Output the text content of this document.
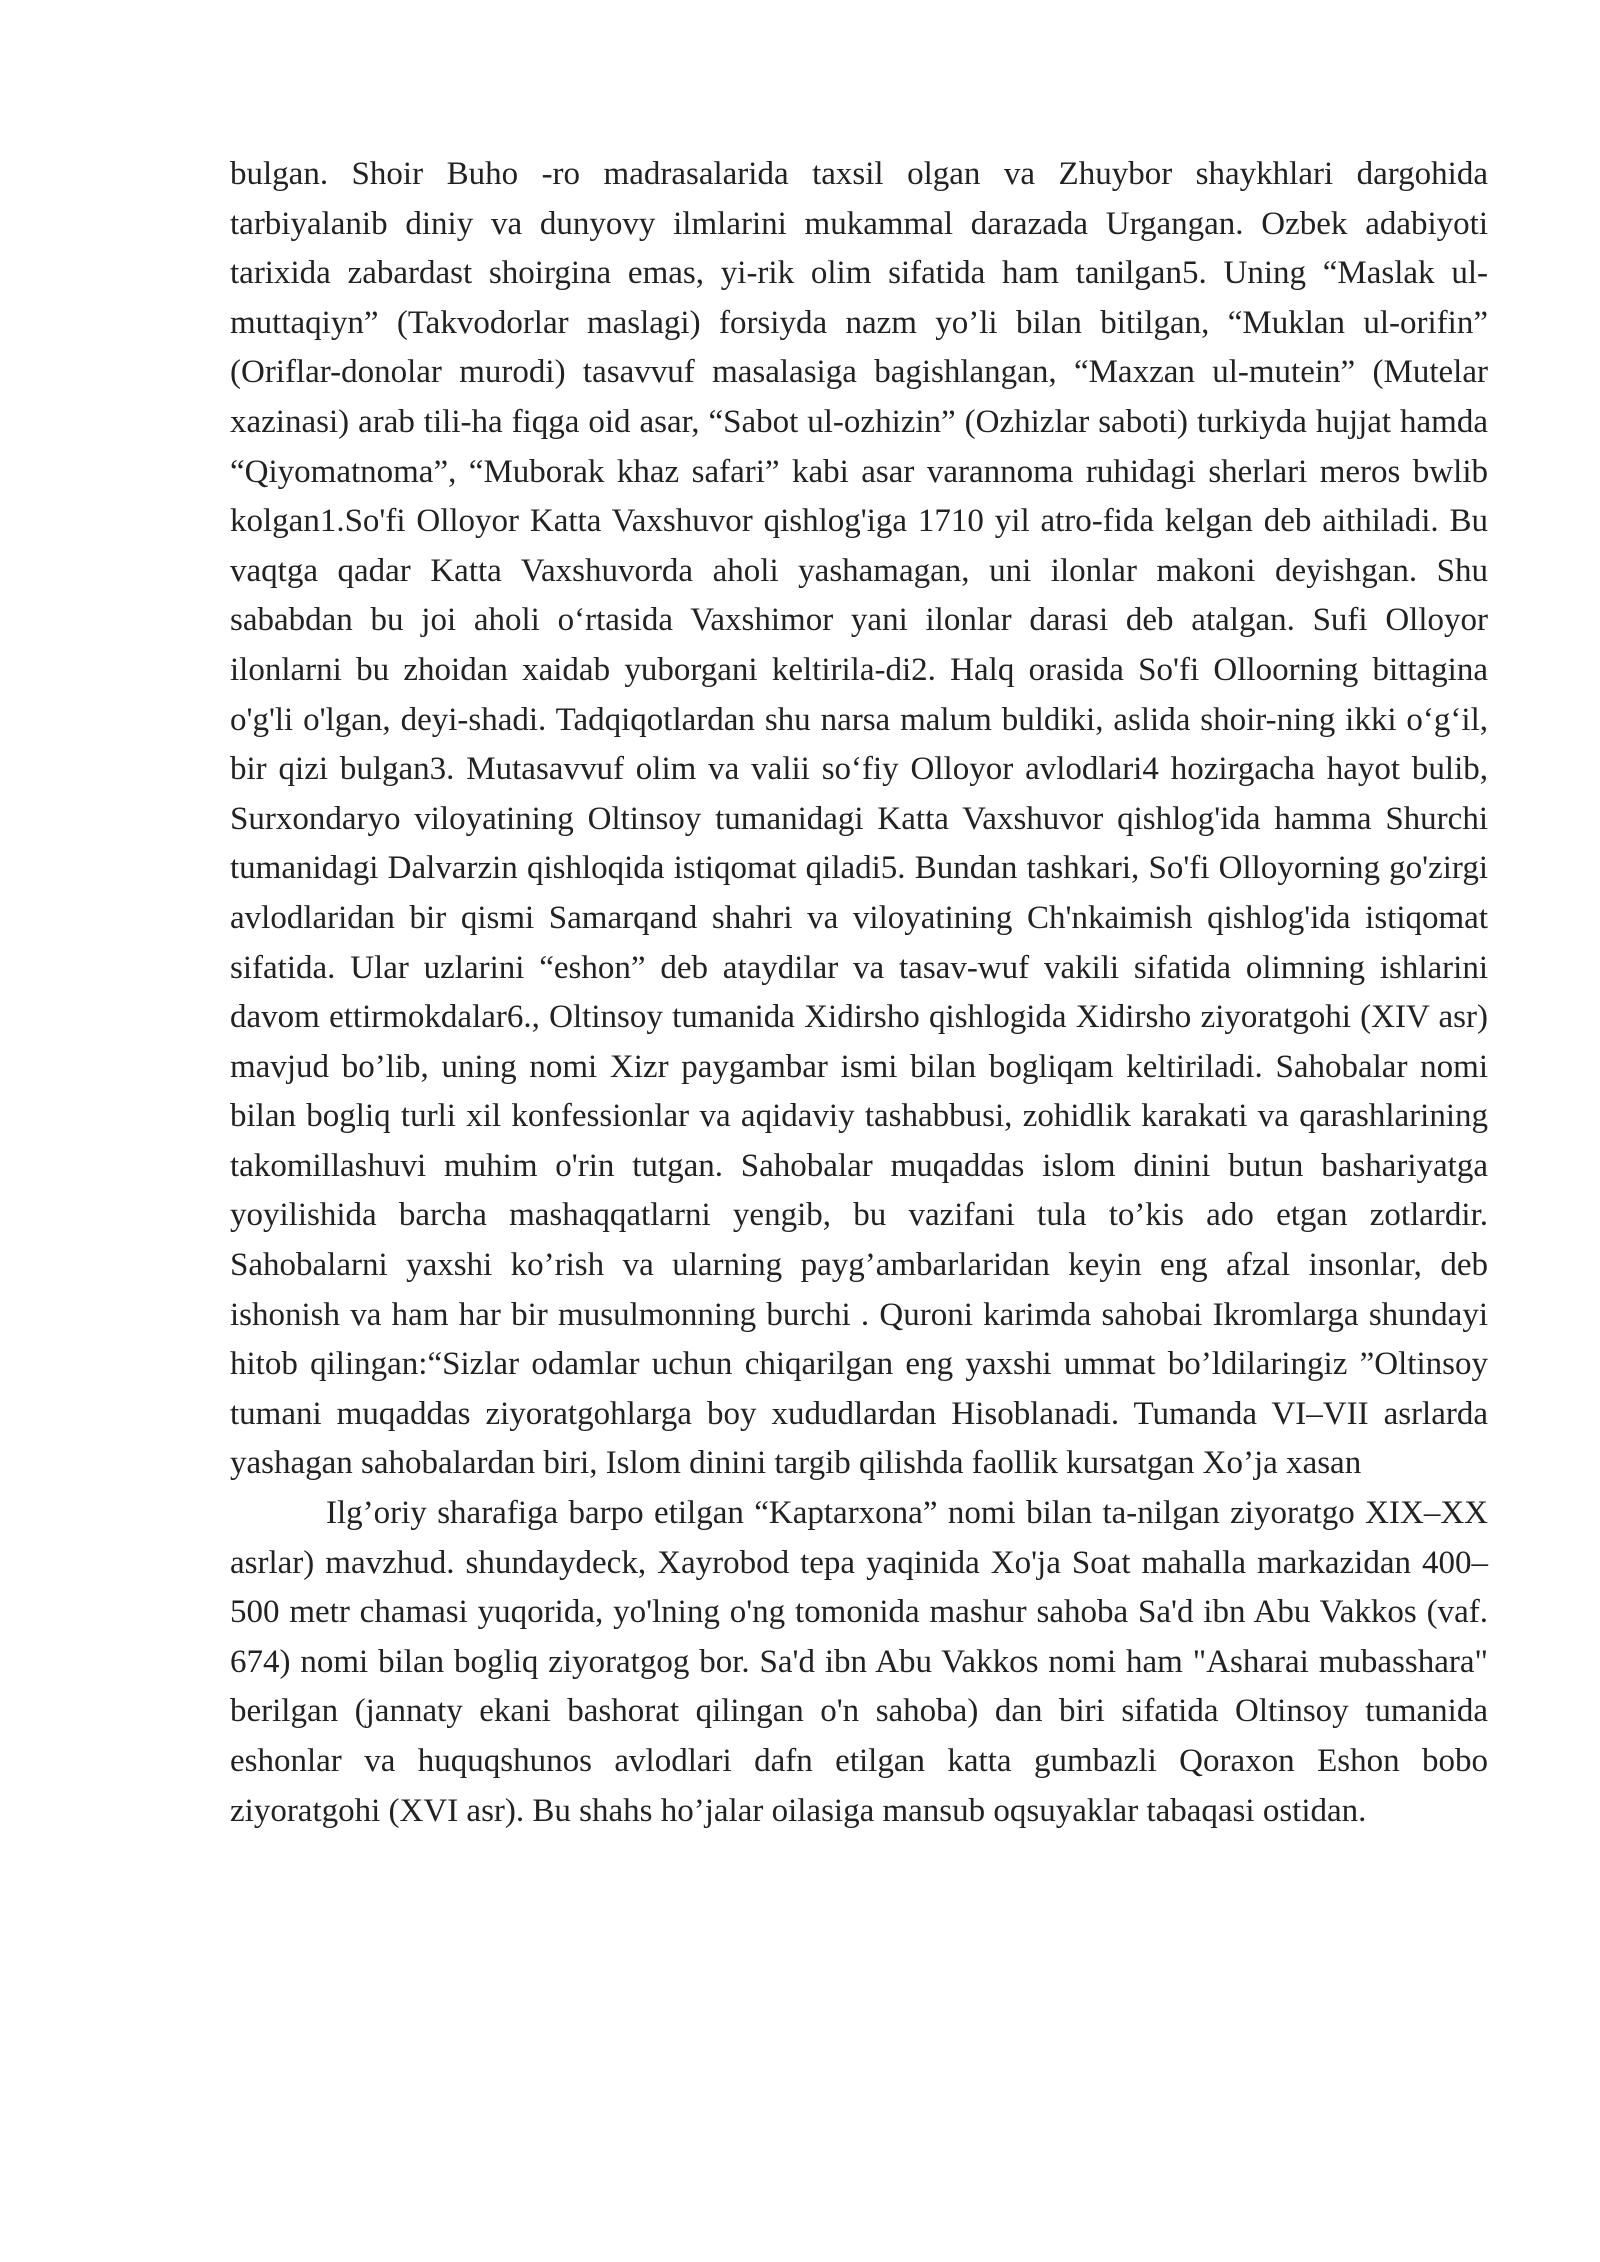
bulgan. Shoir Buho -ro madrasalarida taxsil olgan va Zhuybor shaykhlari dargohida tarbiyalanib diniy va dunyovy ilmlarini mukammal darazada Urgangan. Ozbek adabiyoti tarixida zabardast shoirgina emas, yi-rik olim sifatida ham tanilgan5. Uning “Maslak ul-muttaqiyn” (Takvodorlar maslagi) forsiyda nazm yo’li bilan bitilgan, “Muklan ul-orifin” (Oriflar-donolar murodi) tasavvuf masalasiga bagishlangan, “Maxzan ul-mutein” (Mutelar xazinasi) arab tili-ha fiqga oid asar, “Sabot ul-ozhizin” (Ozhizlar saboti) turkiyda hujjat hamda “Qiyomatnoma”, “Muborak khaz safari” kabi asar varannoma ruhidagi sherlari meros bwlib kolgan1.So'fi Olloyor Katta Vaxshuvor qishlog'iga 1710 yil atro-fida kelgan deb aithiladi. Bu vaqtga qadar Katta Vaxshuvorda aholi yashamagan, uni ilonlar makoni deyishgan. Shu sababdan bu joi aholi oʻrtasida Vaxshimor yani ilonlar darasi deb atalgan. Sufi Olloyor ilonlarni bu zhoidan xaidab yuborgani keltirila-di2. Halq orasida So'fi Olloorning bittagina o'g'li o'lgan, deyi-shadi. Tadqiqotlardan shu narsa malum buldiki, aslida shoir-ning ikki oʻgʻil, bir qizi bulgan3. Mutasavvuf olim va valii soʻfiy Olloyor avlodlari4 hozirgacha hayot bulib, Surxondaryo viloyatining Oltinsoy tumanidagi Katta Vaxshuvor qishlog'ida hamma Shurchi tumanidagi Dalvarzin qishloqida istiqomat qiladi5. Bundan tashkari, So'fi Olloyorning go'zirgi avlodlaridan bir qismi Samarqand shahri va viloyatining Ch'nkaimish qishlog'ida istiqomat sifatida. Ular uzlarini “eshon” deb ataydilar va tasav-wuf vakili sifatida olimning ishlarini davom ettirmokdalar6., Oltinsoy tumanida Xidirsho qishlogida Xidirsho ziyoratgohi (XIV asr) mavjud bo’lib, uning nomi Xizr paygambar ismi bilan bogliqam keltiriladi. Sahobalar nomi bilan bogliq turli xil konfessionlar va aqidaviy tashabbusi, zohidlik karakati va qarashlarining takomillashuvi muhim o'rin tutgan. Sahobalar muqaddas islom dinini butun bashariyatga yoyilishida barcha mashaqqatlarni yengib, bu vazifani tula to’kis ado etgan zotlardir. Sahobalarni yaxshi ko’rish va ularning payg’ambarlaridan keyin eng afzal insonlar, deb ishonish va ham har bir musulmonning burchi . Quroni karimda sahobai Ikromlarga shundayi hitob qilingan:“Sizlar odamlar uchun chiqarilgan eng yaxshi ummat bo’ldilaringiz ”Oltinsoy tumani muqaddas ziyoratgohlarga boy xududlardan Hisoblanadi. Tumanda VI–VII asrlarda yashagan sahobalardan biri, Islom dinini targib qilishda faollik kursatgan Xo’ja xasan

Ilg’oriy sharafiga barpo etilgan “Kaptarxona” nomi bilan ta-nilgan ziyoratgo XIX–XX asrlar) mavzhud. shundaydeck, Xayrobod tepa yaqinida Xo'ja Soat mahalla markazidan 400–500 metr chamasi yuqorida, yo'lning o'ng tomonida mashur sahoba Sa'd ibn Abu Vakkos (vaf. 674) nomi bilan bogliq ziyoratgog bor. Sa'd ibn Abu Vakkos nomi ham "Asharai mubasshara" berilgan (jannaty ekani bashorat qilingan o'n sahoba) dan biri sifatida Oltinsoy tumanida eshonlar va huquqshunos avlodlari dafn etilgan katta gumbazli Qoraxon Eshon bobo ziyoratgohi (XVI asr). Bu shahs ho’jalar oilasiga mansub oqsuyaklar tabaqasi ostidan.
